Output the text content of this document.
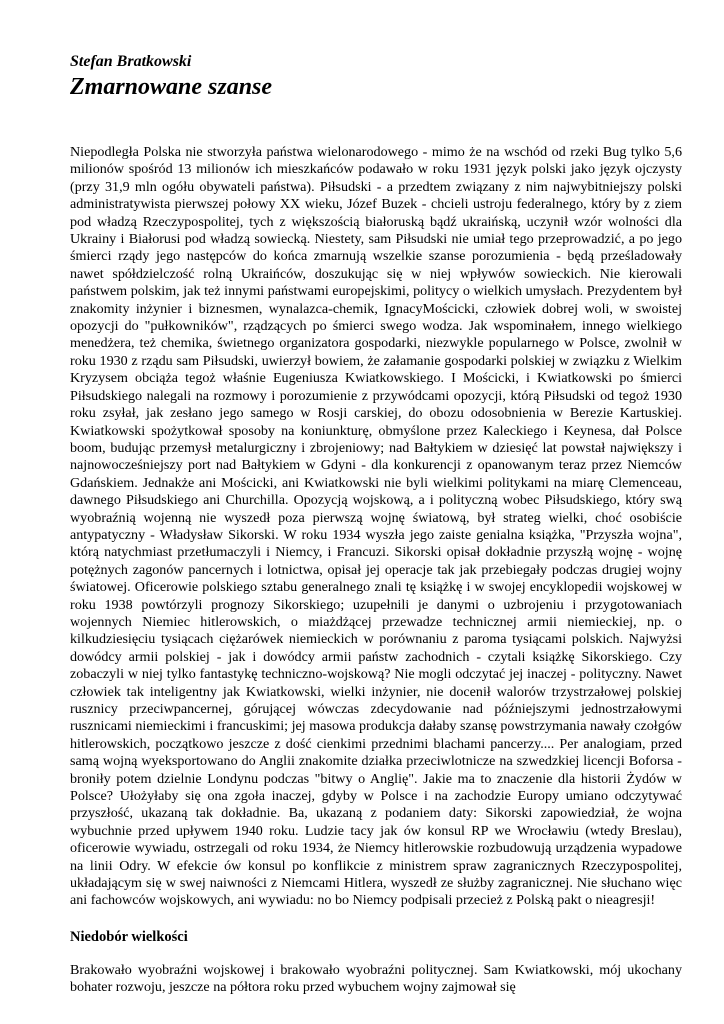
Stefan Bratkowski

Zmarnowane szanse

Niepodległa Polska nie stworzyła państwa wielonarodowego - mimo że na wschód od rzeki Bug tylko 5,6 milionów spośród 13 milionów ich mieszkańców podawało w roku 1931 język polski jako język ojczysty (przy 31,9 mln ogółu obywateli państwa). Piłsudski - a przedtem związany z nim najwybitniejszy polski administratywista pierwszej połowy XX wieku, Józef Buzek - chcieli ustroju federalnego, który by z ziem pod władzą Rzeczypospolitej, tych z większością białoruską bądź ukraińską, uczynił wzór wolności dla Ukrainy i Białorusi pod władzą sowiecką. Niestety, sam Piłsudski nie umiał tego przeprowadzić, a po jego śmierci rządy jego następców do końca zmarnują wszelkie szanse porozumienia - będą prześladowały nawet spółdzielczość rolną Ukraińców, doszukując się w niej wpływów sowieckich. Nie kierowali państwem polskim, jak też innymi państwami europejskimi, politycy o wielkich umysłach. Prezydentem był znakomity inżynier i biznesmen, wynalazca-chemik, IgnacyMościcki, człowiek dobrej woli, w swoistej opozycji do "pułkowników", rządzących po śmierci swego wodza. Jak wspominałem, innego wielkiego menedżera, też chemika, świetnego organizatora gospodarki, niezwykle popularnego w Polsce, zwolnił w roku 1930 z rządu sam Piłsudski, uwierzył bowiem, że załamanie gospodarki polskiej w związku z Wielkim Kryzysem obciąża tegoż właśnie Eugeniusza Kwiatkowskiego. I Mościcki, i Kwiatkowski po śmierci Piłsudskiego nalegali na rozmowy i porozumienie z przywódcami opozycji, którą Piłsudski od tegoż 1930 roku zsyłał, jak zesłano jego samego w Rosji carskiej, do obozu odosobnienia w Berezie Kartuskiej. Kwiatkowski spożytkował sposoby na koniunkturę, obmyślone przez Kaleckiego i Keynesa, dał Polsce boom, budując przemysł metalurgiczny i zbrojeniowy; nad Bałtykiem w dziesięć lat powstał największy i najnowocześniejszy port nad Bałtykiem w Gdyni - dla konkurencji z opanowanym teraz przez Niemców Gdańskiem. Jednakże ani Mościcki, ani Kwiatkowski nie byli wielkimi politykami na miarę Clemenceau, dawnego Piłsudskiego ani Churchilla. Opozycją wojskową, a i polityczną wobec Piłsudskiego, który swą wyobraźnią wojenną nie wyszedł poza pierwszą wojnę światową, był strateg wielki, choć osobiście antypatyczny - Władysław Sikorski. W roku 1934 wyszła jego zaiste genialna książka, "Przyszła wojna", którą natychmiast przetłumaczyli i Niemcy, i Francuzi. Sikorski opisał dokładnie przyszłą wojnę - wojnę potężnych zagonów pancernych i lotnictwa, opisał jej operacje tak jak przebiegały podczas drugiej wojny światowej. Oficerowie polskiego sztabu generalnego znali tę książkę i w swojej encyklopedii wojskowej w roku 1938 powtórzyli prognozy Sikorskiego; uzupełnili je danymi o uzbrojeniu i przygotowaniach wojennych Niemiec hitlerowskich, o miażdżącej przewadze technicznej armii niemieckiej, np. o kilkudziesięciu tysiącach ciężarówek niemieckich w porównaniu z paroma tysiącami polskich. Najwyżsi dowódcy armii polskiej - jak i dowódcy armii państw zachodnich - czytali książkę Sikorskiego. Czy zobaczyli w niej tylko fantastykę techniczno-wojskową? Nie mogli odczytać jej inaczej - polityczny. Nawet człowiek tak inteligentny jak Kwiatkowski, wielki inżynier, nie docenił walorów trzystrzałowej polskiej rusznicy przeciwpancernej, górującej wówczas zdecydowanie nad późniejszymi jednostrzałowymi rusznicami niemieckimi i francuskimi; jej masowa produkcja dałaby szansę powstrzymania nawały czołgów hitlerowskich, początkowo jeszcze z dość cienkimi przednimi blachami pancerzy.... Per analogiam, przed samą wojną wyeksportowano do Anglii znakomite działka przeciwlotnicze na szwedzkiej licencji Boforsa - broniły potem dzielnie Londynu podczas "bitwy o Anglię". Jakie ma to znaczenie dla historii Żydów w Polsce? Ułożyłaby się ona zgoła inaczej, gdyby w Polsce i na zachodzie Europy umiano odczytywać przyszłość, ukazaną tak dokładnie. Ba, ukazaną z podaniem daty: Sikorski zapowiedział, że wojna wybuchnie przed upływem 1940 roku. Ludzie tacy jak ów konsul RP we Wrocławiu (wtedy Breslau), oficerowie wywiadu, ostrzegali od roku 1934, że Niemcy hitlerowskie rozbudowują urządzenia wypadowe na linii Odry. W efekcie ów konsul po konflikcie z ministrem spraw zagranicznych Rzeczypospolitej, układającym się w swej naiwności z Niemcami Hitlera, wyszedł ze służby zagranicznej. Nie słuchano więc ani fachowców wojskowych, ani wywiadu: no bo Niemcy podpisali przecież z Polską pakt o nieagresji!
Niedobór wielkości
Brakowało wyobraźni wojskowej i brakowało wyobraźni politycznej. Sam Kwiatkowski, mój ukochany bohater rozwoju, jeszcze na półtora roku przed wybuchem wojny zajmował się
